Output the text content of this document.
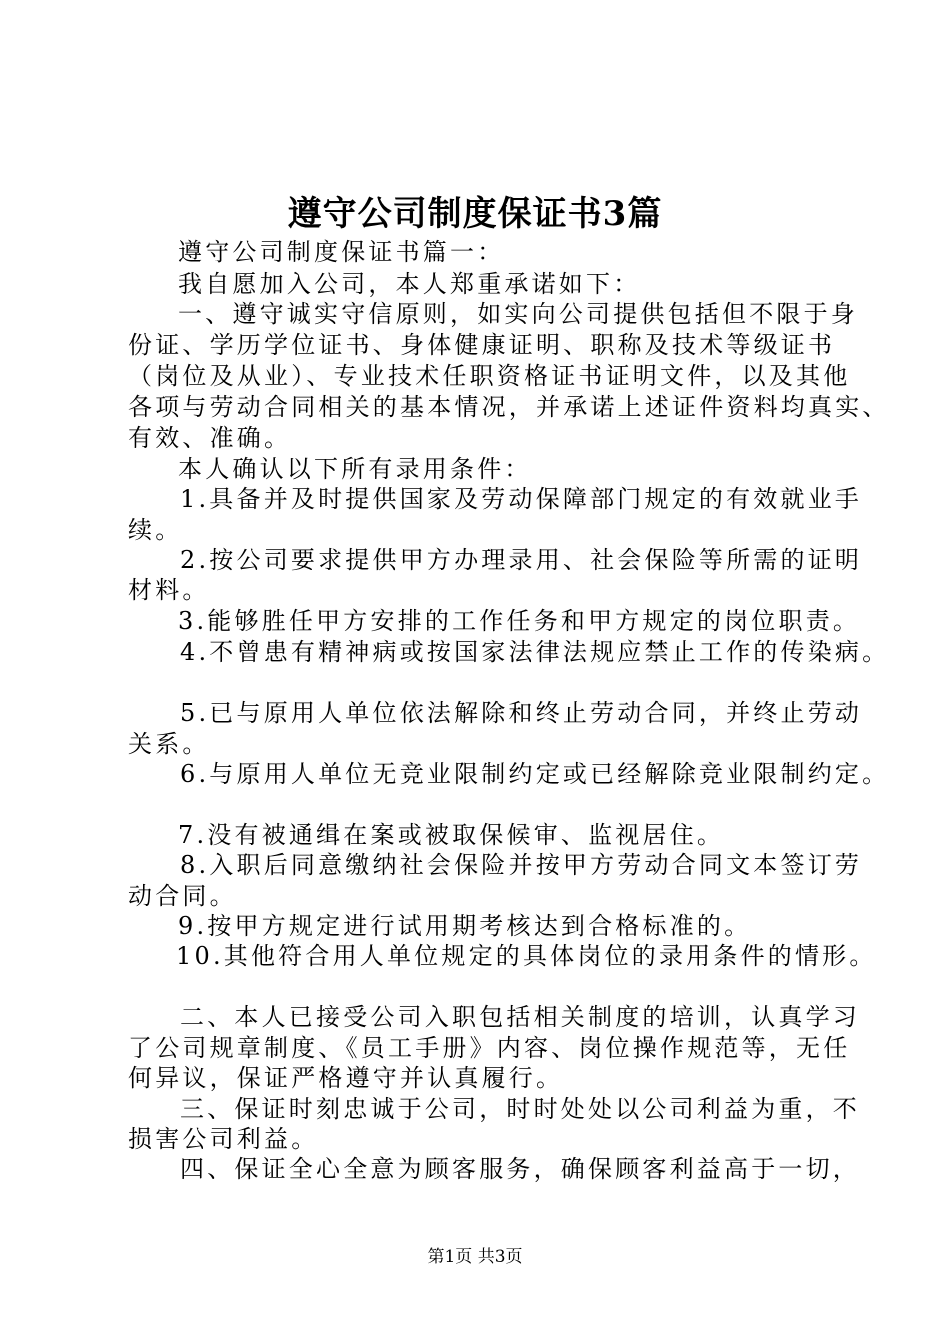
遵守公司制度保证书3篇
遵守公司制度保证书篇一：
我自愿加入公司，本人郑重承诺如下：
一、遵守诚实守信原则，如实向公司提供包括但不限于身
份证、学历学位证书、身体健康证明、职称及技术等级证书
（岗位及从业）、专业技术任职资格证书证明文件，以及其他
各项与劳动合同相关的基本情况，并承诺上述证件资料均真实、
有效、准确。
本人确认以下所有录用条件：
1.具备并及时提供国家及劳动保障部门规定的有效就业手
续。
2.按公司要求提供甲方办理录用、社会保险等所需的证明
材料。
3.能够胜任甲方安排的工作任务和甲方规定的岗位职责。
4.不曾患有精神病或按国家法律法规应禁止工作的传染病。
5.已与原用人单位依法解除和终止劳动合同，并终止劳动
关系。
6.与原用人单位无竞业限制约定或已经解除竞业限制约定。
7.没有被通缉在案或被取保候审、监视居住。
8.入职后同意缴纳社会保险并按甲方劳动合同文本签订劳
动合同。
9.按甲方规定进行试用期考核达到合格标准的。
10.其他符合用人单位规定的具体岗位的录用条件的情形。
二、本人已接受公司入职包括相关制度的培训，认真学习
了公司规章制度、《员工手册》内容、岗位操作规范等，无任
何异议，保证严格遵守并认真履行。
三、保证时刻忠诚于公司，时时处处以公司利益为重，不
损害公司利益。
四、保证全心全意为顾客服务，确保顾客利益高于一切，
第1页 共3页
